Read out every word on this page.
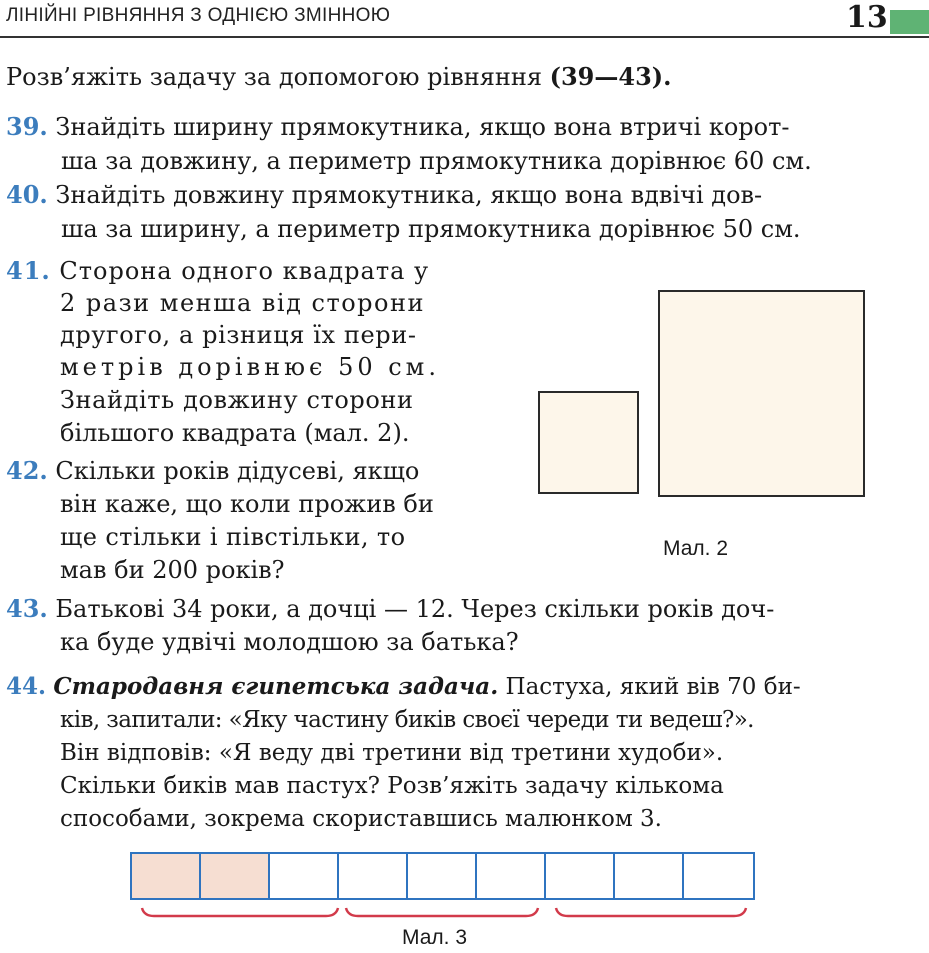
ЛІНІЙНІ РІВНЯННЯ З ОДНІЄЮ ЗМІННОЮ	13
Розв’яжіть задачу за допомогою рівняння (39—43).
39. Знайдіть ширину прямокутника, якщо вона втричі корот-
ша за довжину, а периметр прямокутника дорівнює 60 см.
40. Знайдіть довжину прямокутника, якщо вона вдвічі дов-
ша за ширину, а периметр прямокутника дорівнює 50 см.
41. Сторона одного квадрата у
2 рази менша від сторони
другого, а різниця їх пери-
метрів дорівнює 50 см.
Знайдіть довжину сторони
більшого квадрата (мал. 2).
42. Скільки років дідусеві, якщо
він каже, що коли прожив би
ще стільки і півстільки, то
мав би 200 років?
Мал. 2
43. Батькові 34 роки, а дочці — 12. Через скільки років доч-
ка буде удвічі молодшою за батька?
44. Стародавня єгипетська задача. Пастуха, який вів 70 би-
ків, запитали: «Яку частину биків своєї череди ти ведеш?».
Він відповів: «Я веду дві третини від третини худоби».
Скільки биків мав пастух? Розв’яжіть задачу кількома
способами, зокрема скориставшись малюнком 3.
Мал. 3
